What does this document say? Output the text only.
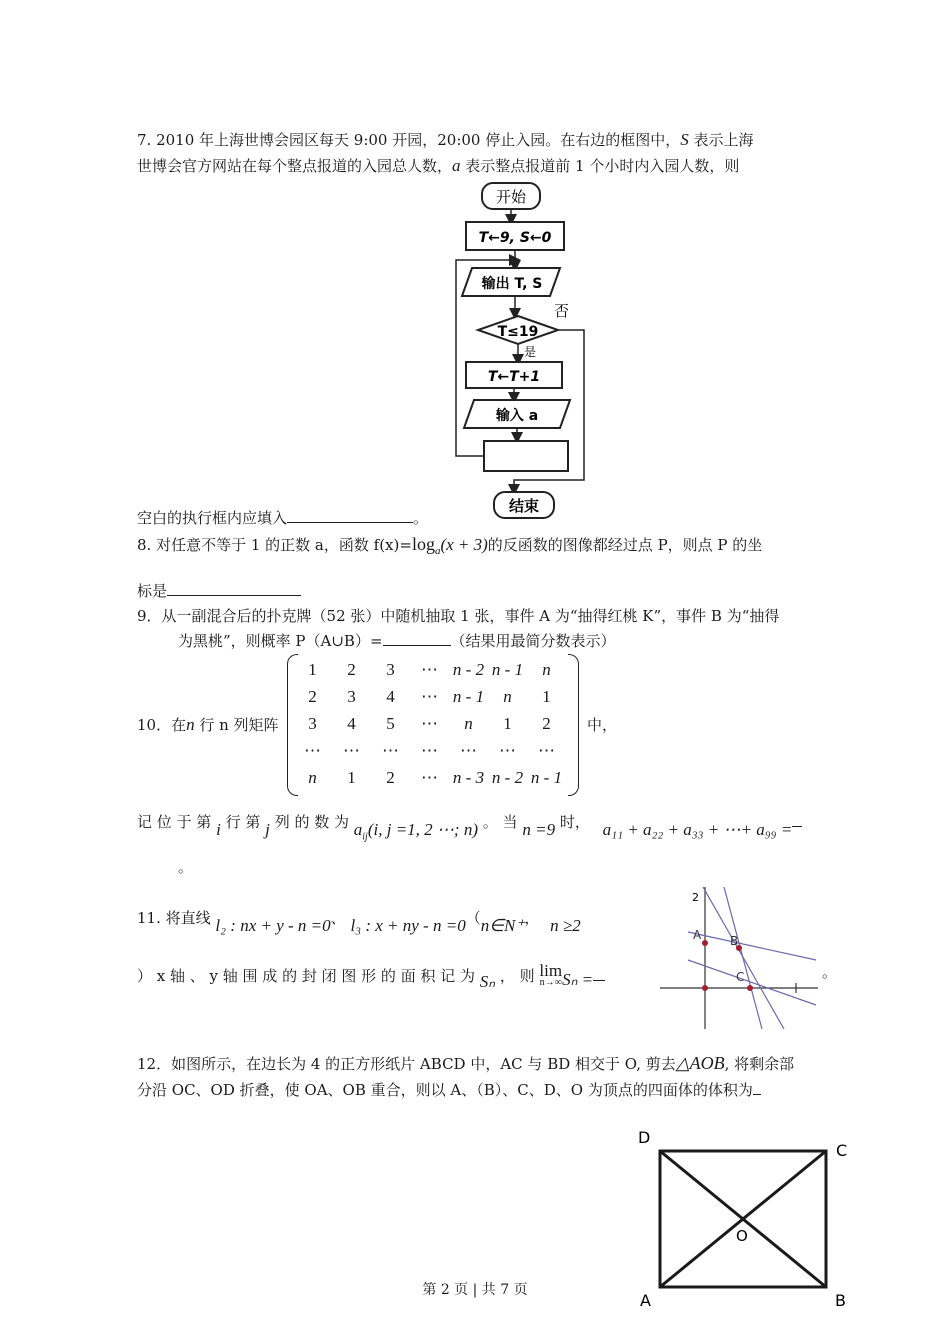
7. 2010 年上海世博会园区每天 9:00 开园，20:00 停止入园。在右边的框图中，S 表示上海
世博会官方网站在每个整点报道的入园总人数，a 表示整点报道前 1 个小时内入园人数，则
开始
T←9, S←0
输出 T, S
T≤19
否
是
T←T+1
输入 a
结束
空白的执行框内应填入	。
8. 对任意不等于 1 的正数 a，函数 $f(x)=\log_a(x + 3)$的反函数的图像都经过点 P，则点 P 的坐
标是
9．从一副混合后的扑克牌（52 张）中随机抽取 1 张，事件 A 为“抽得红桃 K”，事件 B 为“抽得
为黑桃”，则概率 P（A∪B）=	（结果用最简分数表示）
10．在n 行 n 列矩阵
1	2	3	⋯	n - 2	n - 1	n
2	3	4	⋯	n - 1	n	1
3	4	5	⋯	n	1	2
⋯	⋯	⋯	⋯	⋯	⋯	⋯
n	1	2	⋯	n - 3	n - 2	n - 1
中，
记 位 于 第 i 行 第 j 列 的 数 为 $a_{ij}(i$, j =1, 2 ⋯; n) 。 当 n =9 时， a₁₁ + a₂₂ + a₃₃ + ⋯+ a₉₉ =
。
11. 将直线 l₂ : nx + y - n =0、 l₃ : x + ny - n =0（n∈N⁺， n ≥2
） x 轴 、 y 轴 围 成 的 封 闭 图 形 的 面 积 记 为 Sₙ ， 则 lim
n→∞ Sₙ =
2
A B
C	。
12．如图所示，在边长为 4 的正方形纸片 ABCD 中，AC 与 BD 相交于 O, 剪去△AOB, 将剩余部
分沿 OC、OD 折叠，使 OA、OB 重合，则以 A、（B）、C、D、O 为顶点的四面体的体积为
D
C
O
A	B
第 2 页 | 共 7 页
